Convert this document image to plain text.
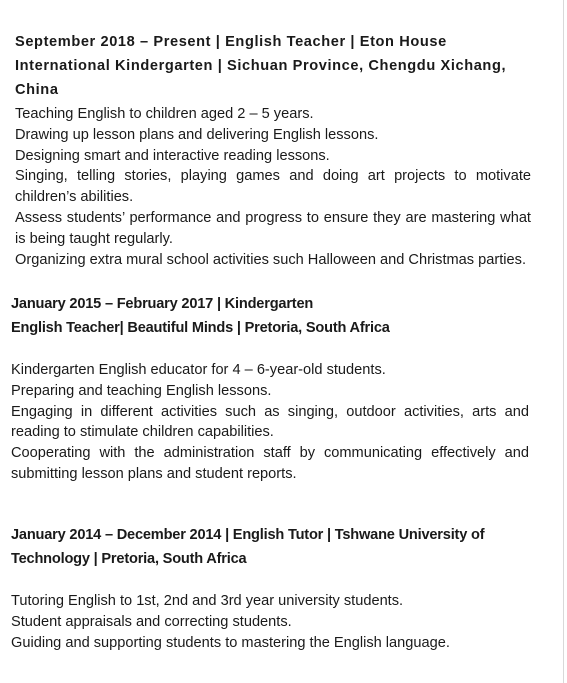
September 2018 – Present | English Teacher | Eton House
International Kindergarten | Sichuan Province, Chengdu Xichang,
China

Teaching English to children aged 2 – 5 years.
Drawing up lesson plans and delivering English lessons.
Designing smart and interactive reading lessons.
Singing, telling stories, playing games and doing art projects to motivate children’s abilities.
Assess students’ performance and progress to ensure they are mastering what is being taught regularly.
Organizing extra mural school activities such Halloween and Christmas parties.

January 2015 – February 2017 | Kindergarten
English Teacher| Beautiful Minds | Pretoria, South Africa

Kindergarten English educator for 4 – 6-year-old students.
Preparing and teaching English lessons.
Engaging in different activities such as singing, outdoor activities, arts and reading to stimulate children capabilities.
Cooperating with the administration staff by communicating effectively and submitting lesson plans and student reports.

January 2014 – December 2014 | English Tutor | Tshwane University of
Technology | Pretoria, South Africa

Tutoring English to 1st, 2nd and 3rd year university students.
Student appraisals and correcting students.
Guiding and supporting students to mastering the English language.
